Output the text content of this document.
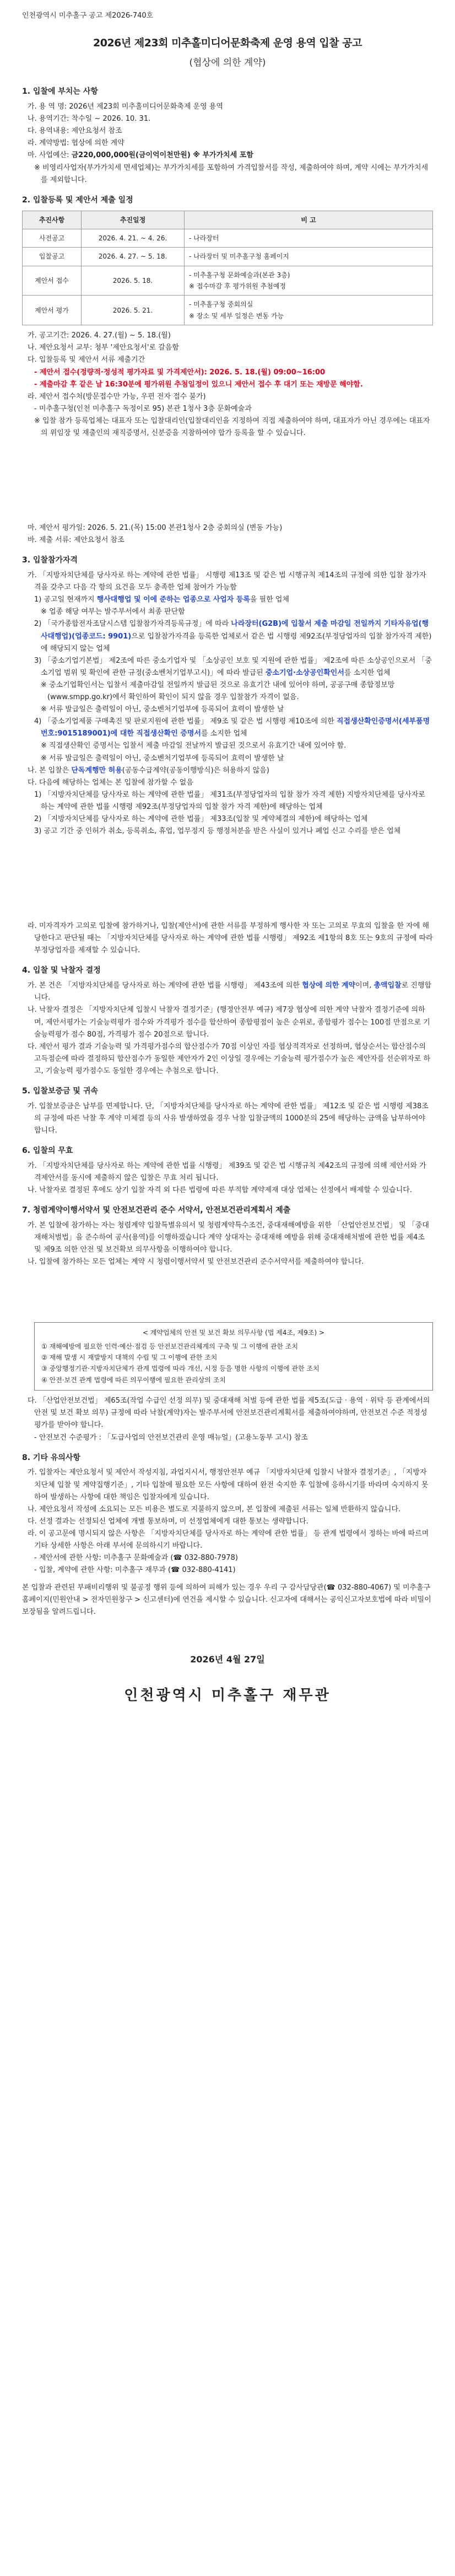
인천광역시 미추홀구 공고 제2026-740호
2026년 제23회 미추홀미디어문화축제 운영 용역 입찰 공고
(협상에 의한 계약)
1. 입찰에 부치는 사항
가. 용 역 명: 2026년 제23회 미추홀미디어문화축제 운영 용역
나. 용역기간: 착수일 ~ 2026. 10. 31.
다. 용역내용: 제안요청서 참조
라. 계약방법: 협상에 의한 계약
마. 사업예산: 금220,000,000원(금이억이천만원) ※ 부가가치세 포함
※ 비영리사업자(부가가치세 면세업체)는 부가가치세를 포함하여 가격입찰서를 작성, 제출하여야 하며, 계약 시에는 부가가치세를 제외합니다.
2. 입찰등록 및 제안서 제출 일정
추진사항	추진일정	비 고
사전공고	2026. 4. 21. ~ 4. 26.	- 나라장터
입찰공고	2026. 4. 27. ~ 5. 18.	- 나라장터 및 미추홀구청 홈페이지
제안서 접수	2026. 5. 18.	- 미추홀구청 문화예술과(본관 3층)
※ 접수마감 후 평가위원 추첨예정
제안서 평가	2026. 5. 21.	- 미추홀구청 중회의실
※ 장소 및 세부 일정은 변동 가능
가. 공고기간: 2026. 4. 27.(월) ~ 5. 18.(월)
나. 제안요청서 교부: 청부 '제안요청서'로 갈음함
다. 입찰등록 및 제안서 서류 제출기간
- 제안서 접수(정량적·정성적 평가자료 및 가격제안서): 2026. 5. 18.(월) 09:00~16:00
- 제출마감 후 같은 날 16:30분에 평가위원 추첨일정이 있으니 제안서 접수 후 대기 또는 재방문 해야함.
라. 제안서 접수처(방문접수만 가능, 우편 전자 접수 불가)
- 미추홀구청(인천 미추홀구 독정이로 95) 본관 1청사 3층 문화예술과
※ 입찰 참가 등록업체는 대표자 또는 입찰대리인(입찰대리인을 지정하여 직접 제출하여야 하며, 대표자가 아닌 경우에는 대표자의 위임장 및 재출인의 재직증명서, 신분증을 지참하여야 합가 등록을 할 수 있습니다.
마. 제안서 평가일: 2026. 5. 21.(목) 15:00 본관1청사 2층 중회의실 (변동 가능)
바. 제출 서류: 제안요청서 참조
3. 입찰참가자격
가. 「지방자치단체를 당사자로 하는 계약에 관한 법률」 시행령 제13조 및 같은 법 시행규칙 제14조의 규정에 의한 입찰 참가자격을 갖추고 다음 각 항의 요건을 모두 충족한 업체 참여가 가능함
1) 공고일 현재까지 행사대행업 및 이에 준하는 업종으로 사업자 등록을 필한 업체
※ 업종 해당 여부는 발주부서에서 최종 판단함
2) 「국가종합전자조달시스템 입찰참가자격등록규정」에 따라 나라장터(G2B)에 입찰서 제출 마감일 전일까지 기타자유업(행사대행업)(업종코드: 9901)으로 입찰참가자격을 등록한 업체로서 같은 법 시행령 제92조(부정당업자의 입찰 참가자격 제한)에 해당되지 않는 업체
3) 「중소기업기본법」 제2조에 따른 중소기업자 및 「소상공인 보호 및 지원에 관한 법률」 제2조에 따른 소상공인으로서 「중소기업 범위 및 확인에 관한 규정(중소벤처기업부고시)」에 따라 발급된 중소기업·소상공인확인서를 소지한 업체
※ 중소기업확인서는 입찰서 제출마감일 전일까지 발급된 것으로 유효기간 내에 있어야 하며, 공공구매 종합정보망(www.smpp.go.kr)에서 확인하여 확인이 되지 않을 경우 입찰참가 자격이 없음.
※ 서류 발급일은 출력일이 아닌, 중소벤처기업부에 등록되어 효력이 발생한 날
4) 「중소기업제품 구매촉진 및 판로지원에 관한 법률」 제9조 및 같은 법 시행령 제10조에 의한 직접생산확인증명서(세부품명번호:9015189001)에 대한 직접생산확인 증명서를 소지한 업체
※ 직접생산확인 증명서는 입찰서 제출 마감일 전날까지 발급된 것으로서 유효기간 내에 있어야 함.
※ 서류 발급일은 출력일이 아닌, 중소벤처기업부에 등록되어 효력이 발생한 날
나. 본 입찰은 단독계행만 허용(공동수급계약(공동이행방식)은 허용하지 않음)
다. 다음에 해당하는 업체는 본 입찰에 참가할 수 없음
1) 「지방자치단체를 당사자로 하는 계약에 관한 법률」 제31조(부정당업자의 입찰 참가 자격 제한) 지방자치단체를 당사자로 하는 계약에 관한 법률 시행령 제92조(부정당업자의 입찰 참가 자격 제한)에 해당하는 업체
2) 「지방자치단체를 당사자로 하는 계약에 관한 법률」 제33조(입찰 및 계약체결의 제한)에 해당하는 업체
3) 공고 기간 중 인허가 취소, 등록취소, 휴업, 업무정지 등 행정처분을 받은 사실이 있거나 폐업 신고 수리를 받은 업체
라. 미자격자가 고의로 입찰에 참가하거나, 입찰(제안서)에 관한 서류를 부정하게 행사한 자 또는 고의로 무효의 입찰을 한 자에 해당한다고 판단될 때는 「지방자치단체를 당사자로 하는 계약에 관한 법률 시행령」 제92조 제1항의 8호 또는 9호의 규정에 따라 부정당업자를 제재할 수 있습니다.
4. 입찰 및 낙찰자 결정
가. 본 건은 「지방자치단체를 당사자로 하는 계약에 관한 법률 시행령」 제43조에 의한 협상에 의한 계약이며, 총액입찰로 진행합니다.
나. 낙찰자 결정은 「지방자치단체 입찰시 낙찰자 결정기준」(행정안전부 예규) 제7장 협상에 의한 계약 낙찰자 결정기준에 의하며, 제안서평가는 기술능력평가 점수와 가격평가 점수를 합산하여 종합평점이 높은 순위로, 종합평가 점수는 100점 만점으로 기술능력평가 점수 80점, 가격평가 점수 20점으로 합니다.
다. 제안서 평가 결과 기술능력 및 가격평가점수의 합산점수가 70점 이상인 자를 협상적격자로 선정하며, 협상순서는 합산점수의 고득점순에 따라 결정하되 합산점수가 동일한 제안자가 2인 이상일 경우에는 기술능력 평가점수가 높은 제안자를 선순위자로 하고, 기술능력 평가점수도 동일한 경우에는 추첨으로 합니다.
5. 입찰보증금 및 귀속
가. 입찰보증금은 납부를 면제합니다. 단, 「지방자치단체를 당사자로 하는 계약에 관한 법률」 제12조 및 같은 법 시행령 제38조의 규정에 따른 낙찰 후 계약 미체결 등의 사유 발생하였을 경우 낙찰 입찰금액의 1000분의 25에 해당하는 금액을 납부하여야 합니다.
6. 입찰의 무효
가. 「지방자치단체를 당사자로 하는 계약에 관한 법률 시행령」 제39조 및 같은 법 시행규칙 제42조의 규정에 의해 제안서와 가격제안서를 동시에 제출하지 않은 입찰은 무효 처리 됩니다.
나. 낙찰자로 결정된 후에도 상기 입찰 자격 외 다른 법령에 따른 부적합 계약제재 대상 업체는 선정에서 배제할 수 있습니다.
7. 청렴계약이행서약서 및 안전보건관리 준수 서약서, 안전보건관리계획서 제출
가. 본 입찰에 참가하는 자는 청렴계약 입찰특별유의서 및 청렴계약특수조건, 중대재해예방을 위한 「산업안전보건법」 및 「중대재해처벌법」을 준수하여 공사(용역)를 이행하겠습니다 계약 상대자는 중대재해 예방을 위해 중대재해처벌에 관한 법률 제4조 및 제9조 의한 안전 및 보건확보 의무사항을 이행하여야 합니다.
나. 입찰에 참가하는 모든 업체는 계약 시 청렴이행서약서 및 안전보건관리 준수서약서를 제출하여야 합니다.
< 계약업체의 안전 및 보건 확보 의무사항 (법 제4조, 제9조) >
① 재해예방에 필요한 인력·예산·점검 등 안전보건관리체계의 구축 및 그 이행에 관한 조치
② 재해 발생 시 재발방지 대책의 수립 및 그 이행에 관한 조치
③ 중앙행정기관·지방자치단체가 관계 법령에 따라 개선, 시정 등을 명한 사항의 이행에 관한 조치
④ 안전·보건 관계 법령에 따른 의무이행에 필요한 관리상의 조치
다. 「산업안전보건법」 제65조(작업 수급인 선정 의무) 및 중대재해 처벌 등에 관한 법률 제5조(도급 · 용역 · 위탁 등 관계에서의 안전 및 보건 확보 의무) 규정에 따라 낙찰(계약)자는 발주부서에 안전보건관리계획서를 제출하여야하며, 안전보건 수준 적정성 평가를 받아야 합니다.
- 안전보건 수준평가 : 「도급사업의 안전보건관리 운영 매뉴얼」(고용노동부 고시) 참조
8. 기타 유의사항
가. 입찰자는 제안요청서 및 제안서 작성지침, 과업지시서, 행정안전부 예규 「지방자치단체 입찰시 낙찰자 결정기준」, 「지방자치단체 입찰 및 계약집행기준」, 기타 입찰에 필요한 모든 사항에 대하여 완전 숙지한 후 입찰에 응하시기를 바라며 숙지하지 못하여 발생하는 사항에 대한 책임은 입찰자에게 있습니다.
나. 제안요청서 작성에 소요되는 모든 비용은 별도로 지불하지 않으며, 본 입찰에 제출된 서류는 일체 반환하지 않습니다.
다. 선정 결과는 선정되신 업체에 개별 통보하며, 미 선정업체에게 대한 통보는 생략합니다.
라. 이 공고문에 명시되지 않은 사항은 「지방자치단체를 당사자로 하는 계약에 관한 법률」 등 관계 법령에서 정하는 바에 따르며 기타 상세한 사항은 아래 부서에 문의하시기 바랍니다.
- 제안서에 관한 사항: 미추홀구 문화예술과 (☎ 032-880-7978)
- 입찰, 계약에 관한 사항: 미추홀구 재무과 (☎ 032-880-4141)
본 입찰과 관련된 부패비리행위 및 불공정 행위 등에 의하여 피해가 있는 경우 우리 구 감사담당관(☎ 032-880-4067) 및 미추홀구 홈페이지(민원안내 > 전자민원창구 > 신고센터)에 연건을 제시할 수 있습니다. 신고자에 대해서는 공익신고자보호법에 따라 비밀이 보장됨을 알려드립니다.
2026년 4월 27일
인천광역시 미추홀구 재무관
